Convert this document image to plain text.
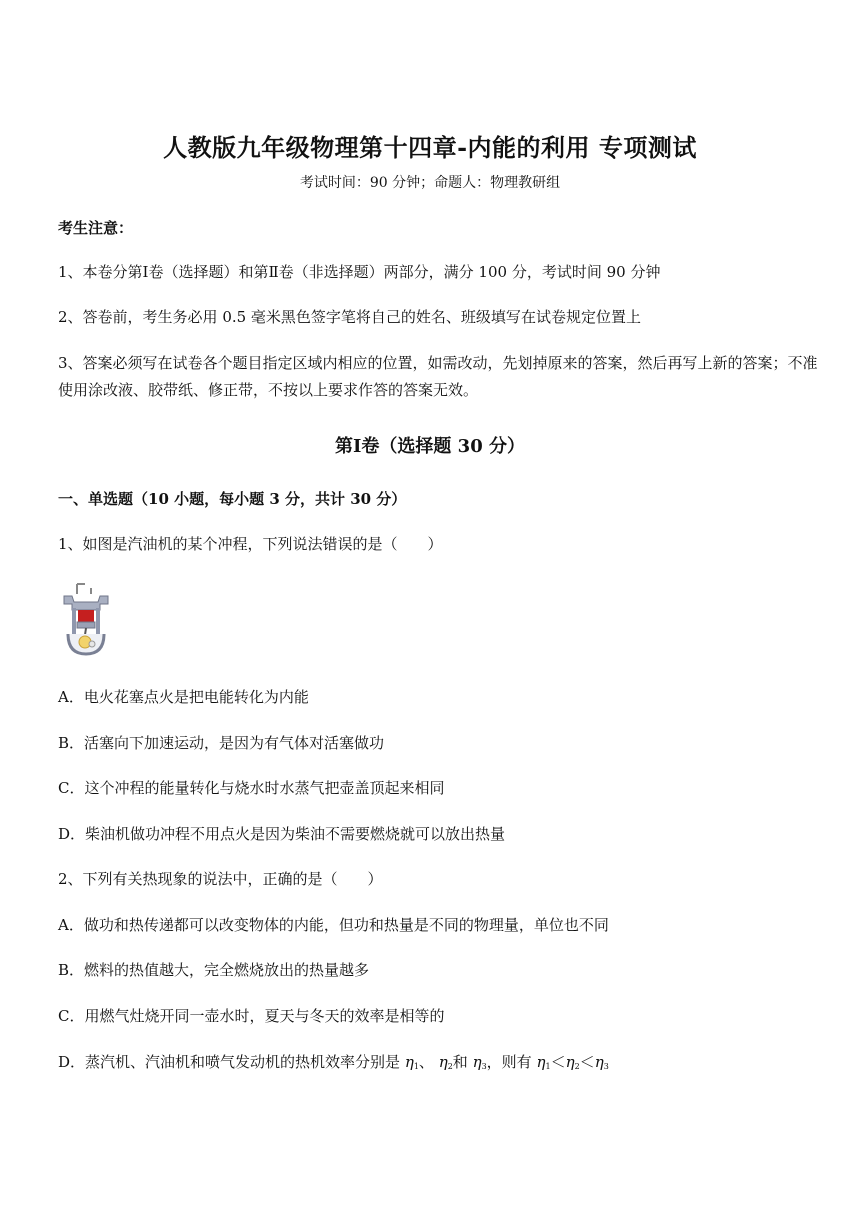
人教版九年级物理第十四章-内能的利用 专项测试
考试时间：90 分钟；命题人：物理教研组
考生注意：
1、本卷分第Ⅰ卷（选择题）和第Ⅱ卷（非选择题）两部分，满分 100 分，考试时间 90 分钟
2、答卷前，考生务必用 0.5 毫米黑色签字笔将自己的姓名、班级填写在试卷规定位置上
3、答案必须写在试卷各个题目指定区域内相应的位置，如需改动，先划掉原来的答案，然后再写上新的答案；不准使用涂改液、胶带纸、修正带，不按以上要求作答的答案无效。
第Ⅰ卷（选择题 30 分）
一、单选题（10 小题，每小题 3 分，共计 30 分）
1、如图是汽油机的某个冲程，下列说法错误的是（　　）
A．电火花塞点火是把电能转化为内能
B．活塞向下加速运动，是因为有气体对活塞做功
C．这个冲程的能量转化与烧水时水蒸气把壶盖顶起来相同
D．柴油机做功冲程不用点火是因为柴油不需要燃烧就可以放出热量
2、下列有关热现象的说法中，正确的是（　　）
A．做功和热传递都可以改变物体的内能，但功和热量是不同的物理量，单位也不同
B．燃料的热值越大，完全燃烧放出的热量越多
C．用燃气灶烧开同一壶水时，夏天与冬天的效率是相等的
D．蒸汽机、汽油机和喷气发动机的热机效率分别是 $\eta_1$、 $\eta_2$和 $\eta_3$，则有 $\eta_1<\eta_2<\eta_3$
